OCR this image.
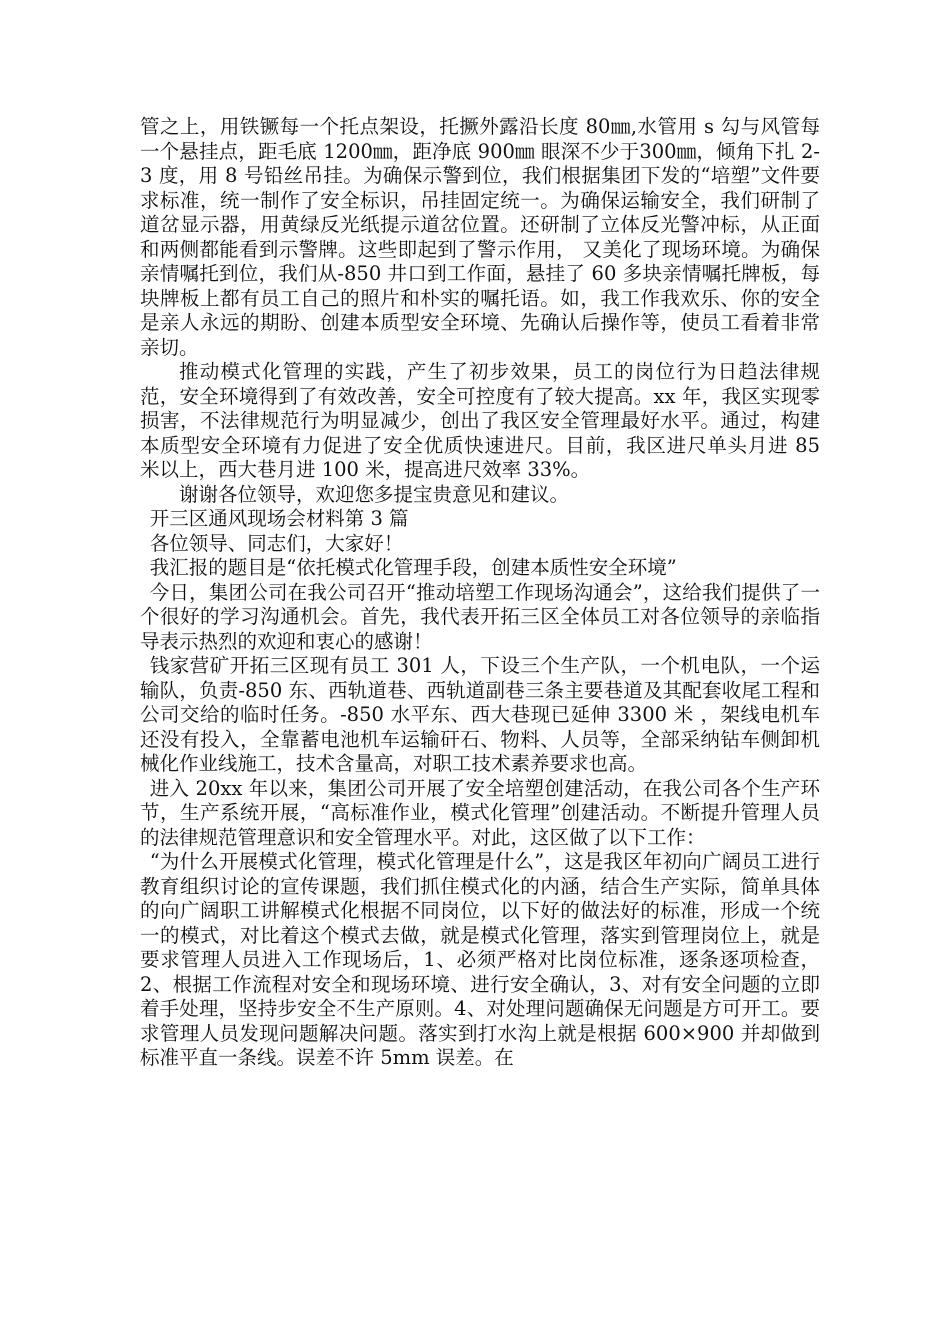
管之上，用铁镢每一个托点架设，托撅外露沿长度 80㎜,水管用 s 勾与风管每一个悬挂点，距毛底 1200㎜，距净底 900㎜ 眼深不少于300㎜，倾角下扎 2-3 度，用 8 号铅丝吊挂。为确保示警到位，我们根据集团下发的“培塑”文件要求标准，统一制作了安全标识，吊挂固定统一。为确保运输安全，我们研制了道岔显示器，用黄绿反光纸提示道岔位置。还研制了立体反光警冲标，从正面和两侧都能看到示警牌。这些即起到了警示作用， 又美化了现场环境。为确保亲情嘱托到位，我们从-850 井口到工作面，悬挂了 60 多块亲情嘱托牌板，每块牌板上都有员工自己的照片和朴实的嘱托语。如，我工作我欢乐、你的安全是亲人永远的期盼、创建本质型安全环境、先确认后操作等，使员工看着非常亲切。

推动模式化管理的实践，产生了初步效果，员工的岗位行为日趋法律规范，安全环境得到了有效改善，安全可控度有了较大提高。xx 年，我区实现零损害，不法律规范行为明显减少，创出了我区安全管理最好水平。通过，构建本质型安全环境有力促进了安全优质快速进尺。目前，我区进尺单头月进 85 米以上，西大巷月进 100 米，提高进尺效率 33%。

谢谢各位领导，欢迎您多提宝贵意见和建议。

开三区通风现场会材料第 3 篇

各位领导、同志们，大家好！

我汇报的题目是“依托模式化管理手段，创建本质性安全环境”

今日，集团公司在我公司召开“推动培塑工作现场沟通会”，这给我们提供了一个很好的学习沟通机会。首先，我代表开拓三区全体员工对各位领导的亲临指导表示热烈的欢迎和衷心的感谢！

钱家营矿开拓三区现有员工 301 人，下设三个生产队，一个机电队，一个运输队，负责-850 东、西轨道巷、西轨道副巷三条主要巷道及其配套收尾工程和公司交给的临时任务。-850 水平东、西大巷现已延伸 3300 米 ，架线电机车还没有投入，全靠蓄电池机车运输矸石、物料、人员等，全部采纳钻车侧卸机械化作业线施工，技术含量高，对职工技术素养要求也高。

进入 20xx 年以来，集团公司开展了安全培塑创建活动，在我公司各个生产环节，生产系统开展，“高标准作业，模式化管理”创建活动。不断提升管理人员的法律规范管理意识和安全管理水平。对此，这区做了以下工作：

“为什么开展模式化管理，模式化管理是什么”，这是我区年初向广阔员工进行教育组织讨论的宣传课题，我们抓住模式化的内涵，结合生产实际，简单具体的向广阔职工讲解模式化根据不同岗位，以下好的做法好的标准，形成一个统一的模式，对比着这个模式去做，就是模式化管理，落实到管理岗位上，就是要求管理人员进入工作现场后，1、必须严格对比岗位标准，逐条逐项检查，2、根据工作流程对安全和现场环境、进行安全确认，3、对有安全问题的立即着手处理，坚持步安全不生产原则。4、对处理问题确保无问题是方可开工。要求管理人员发现问题解决问题。落实到打水沟上就是根据 600×900 并却做到标准平直一条线。误差不许 5mm 误差。在
